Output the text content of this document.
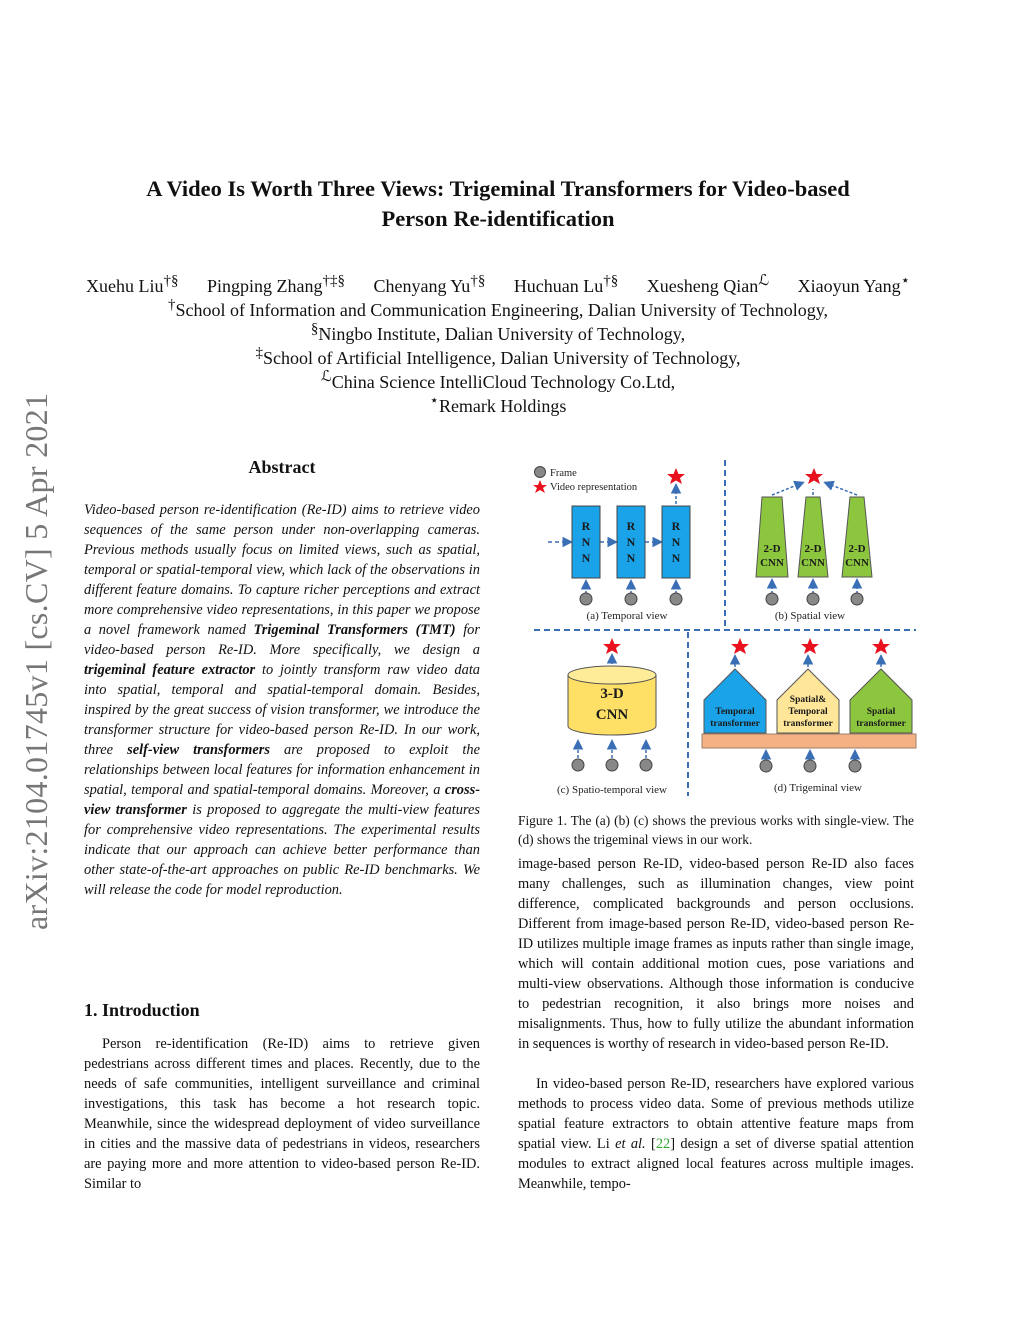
A Video Is Worth Three Views: Trigeminal Transformers for Video-based
Person Re-identification
Xuehu Liu†§ Pingping Zhang†‡§ Chenyang Yu†§ Huchuan Lu†§ Xuesheng Qian$^ℒ$ Xiaoyun Yang⋆
†School of Information and Communication Engineering, Dalian University of Technology,
§Ningbo Institute, Dalian University of Technology,
‡School of Artificial Intelligence, Dalian University of Technology,
$^ℒ$China Science IntelliCloud Technology Co.Ltd,
⋆Remark Holdings
arXiv:2104.01745v1 [cs.CV] 5 Apr 2021	Abstract
Video-based person re-identification (Re-ID) aims to retrieve video sequences of the same person under non-overlapping cameras. Previous methods usually focus on limited views, such as spatial, temporal or spatial-temporal view, which lack of the observations in different feature domains. To capture richer perceptions and extract more comprehensive video representations, in this paper we propose a novel framework named Trigeminal Transformers (TMT) for video-based person Re-ID. More specifically, we design a trigeminal feature extractor to jointly transform raw video data into spatial, temporal and spatial-temporal domain. Besides, inspired by the great success of vision transformer, we introduce the transformer structure for video-based person Re-ID. In our work, three self-view transformers are proposed to exploit the relationships between local features for information enhancement in spatial, temporal and spatial-temporal domains. Moreover, a cross-view transformer is proposed to aggregate the multi-view features for comprehensive video representations. The experimental results indicate that our approach can achieve better performance than other state-of-the-art approaches on public Re-ID benchmarks. We will release the code for model reproduction.
1. Introduction
Person re-identification (Re-ID) aims to retrieve given pedestrians across different times and places. Recently, due to the needs of safe communities, intelligent surveillance and criminal investigations, this task has become a hot research topic. Meanwhile, since the widespread deployment of video surveillance in cities and the massive data of pedestrians in videos, researchers are paying more and more attention to video-based person Re-ID. Similar to
Frame
Video representation
R
N
N
R
N
N
R
N
N
(a) Temporal view
2-D
CNN
2-D
CNN
2-D
CNN
(b) Spatial view
3-D
CNN
(c) Spatio-temporal view
Temporal
transformer
Spatial&
Temporal
transformer
Spatial
transformer
(d) Trigeminal view
Figure 1. The (a) (b) (c) shows the previous works with single-view. The (d) shows the trigeminal views in our work.
image-based person Re-ID, video-based person Re-ID also faces many challenges, such as illumination changes, view point difference, complicated backgrounds and person occlusions. Different from image-based person Re-ID, video-based person Re-ID utilizes multiple image frames as inputs rather than single image, which will contain additional motion cues, pose variations and multi-view observations. Although those information is conducive to pedestrian recognition, it also brings more noises and misalignments. Thus, how to fully utilize the abundant information in sequences is worthy of research in video-based person Re-ID.
In video-based person Re-ID, researchers have explored various methods to process video data. Some of previous methods utilize spatial feature extractors to obtain attentive feature maps from spatial view. Li et al. [22] design a set of diverse spatial attention modules to extract aligned local features across multiple images. Meanwhile, tempo-
